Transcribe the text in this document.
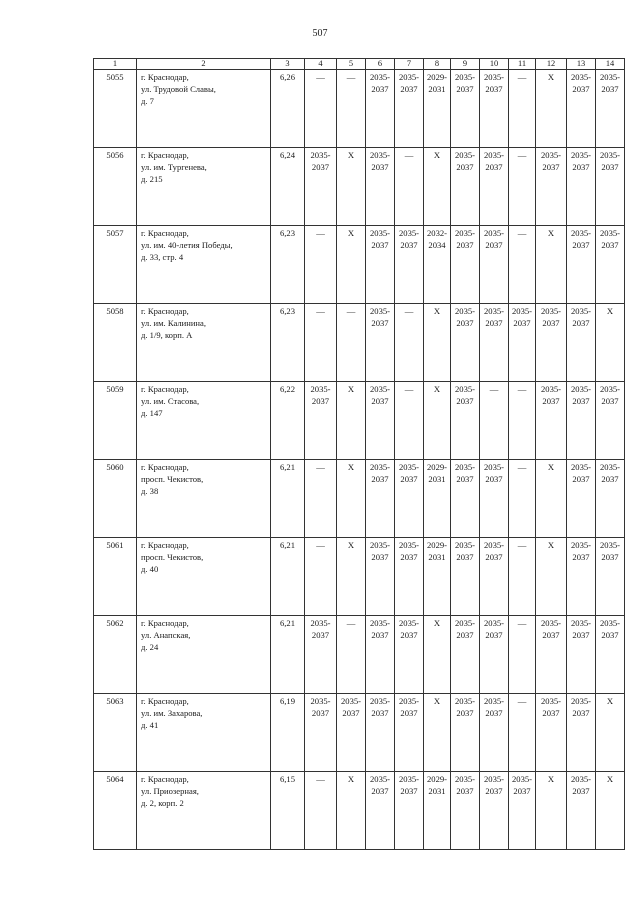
507
1	2	3	4	5	6	7	8	9	10	11	12	13	14
5055	г. Краснодар,
ул. Трудовой Славы,
д. 7	6,26	—	—	2035-2037	2035-2037	2029-2031	2035-2037	2035-2037	—	X	2035-2037	2035-2037
5056	г. Краснодар,
ул. им. Тургенева,
д. 215	6,24	2035-2037	X	2035-2037	—	X	2035-2037	2035-2037	—	2035-2037	2035-2037	2035-2037
5057	г. Краснодар,
ул. им. 40-летия Победы,
д. 33, стр. 4	6,23	—	X	2035-2037	2035-2037	2032-2034	2035-2037	2035-2037	—	X	2035-2037	2035-2037
5058	г. Краснодар,
ул. им. Калинина,
д. 1/9, корп. А	6,23	—	—	2035-2037	—	X	2035-2037	2035-2037	2035-2037	2035-2037	2035-2037	X
5059	г. Краснодар,
ул. им. Стасова,
д. 147	6,22	2035-2037	X	2035-2037	—	X	2035-2037	—	—	2035-2037	2035-2037	2035-2037
5060	г. Краснодар,
просп. Чекистов,
д. 38	6,21	—	X	2035-2037	2035-2037	2029-2031	2035-2037	2035-2037	—	X	2035-2037	2035-2037
5061	г. Краснодар,
просп. Чекистов,
д. 40	6,21	—	X	2035-2037	2035-2037	2029-2031	2035-2037	2035-2037	—	X	2035-2037	2035-2037
5062	г. Краснодар,
ул. Анапская,
д. 24	6,21	2035-2037	—	2035-2037	2035-2037	X	2035-2037	2035-2037	—	2035-2037	2035-2037	2035-2037
5063	г. Краснодар,
ул. им. Захарова,
д. 41	6,19	2035-2037	2035-2037	2035-2037	2035-2037	X	2035-2037	2035-2037	—	2035-2037	2035-2037	X
5064	г. Краснодар,
ул. Приозерная,
д. 2, корп. 2	6,15	—	X	2035-2037	2035-2037	2029-2031	2035-2037	2035-2037	2035-2037	X	2035-2037	X
